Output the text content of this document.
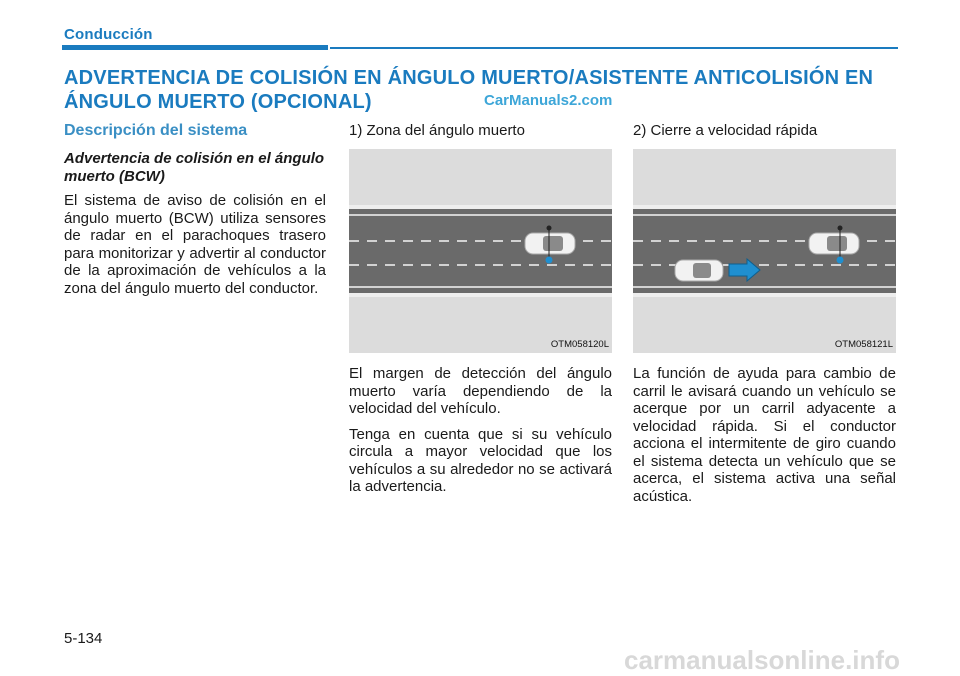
Conducción
ADVERTENCIA DE COLISIÓN EN ÁNGULO MUERTO/ASISTENTE ANTICOLISIÓN EN ÁNGULO MUERTO (OPCIONAL)	CarManuals2.com
Descripción del sistema
Advertencia de colisión en el ángulo muerto (BCW)

El sistema de aviso de colisión en el ángulo muerto (BCW) utiliza sensores de radar en el parachoques trasero para monitorizar y advertir al conductor de la aproximación de vehículos a la zona del ángulo muerto del conductor.

1) Zona del ángulo muerto
OTM058120L

El margen de detección del ángulo muerto varía dependiendo de la velocidad del vehículo.

Tenga en cuenta que si su vehículo circula a mayor velocidad que los vehículos a su alrededor no se activará la advertencia.

2) Cierre a velocidad rápida
OTM058121L

La función de ayuda para cambio de carril le avisará cuando un vehículo se acerque por un carril adyacente a velocidad rápida. Si el conductor acciona el intermitente de giro cuando el sistema detecta un vehículo que se acerca, el sistema activa una señal acústica.

5-134
carmanualsonline.info
